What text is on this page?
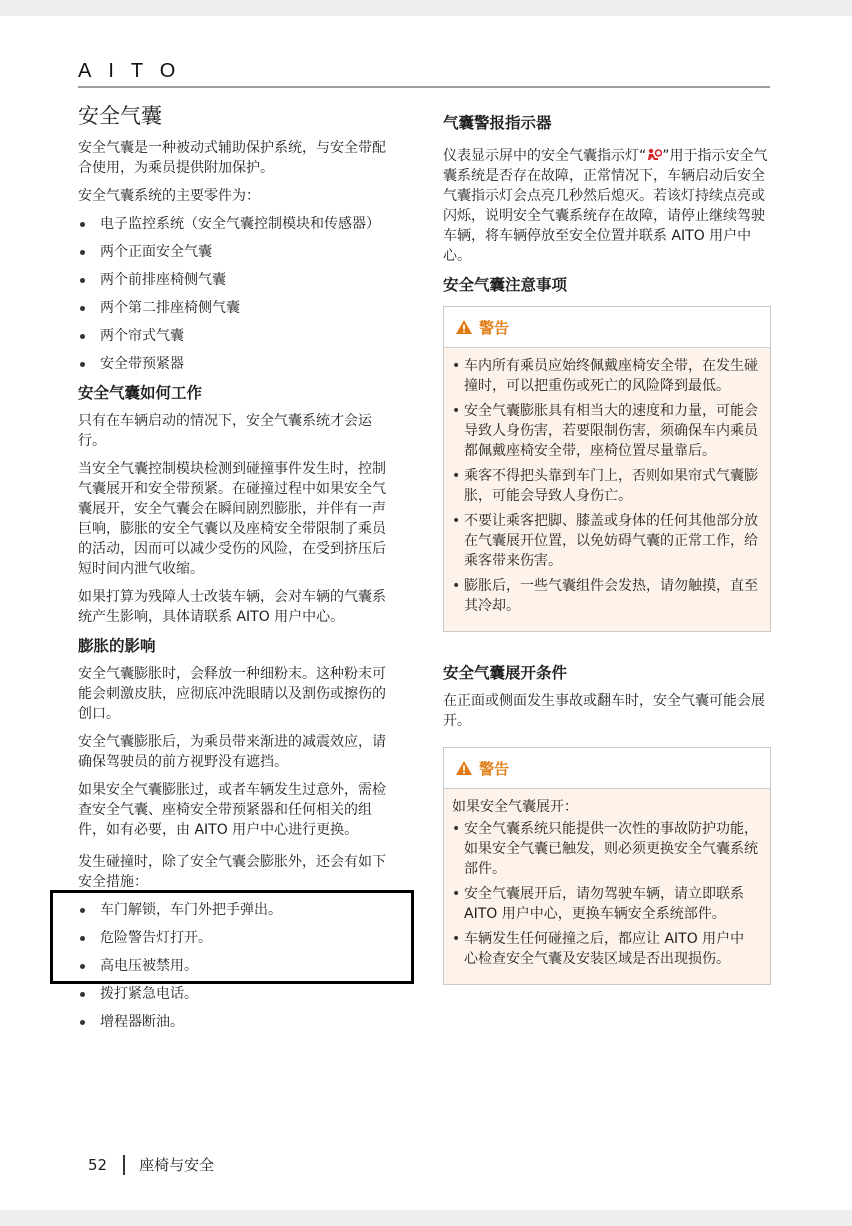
AITO
安全气囊

安全气囊是一种被动式辅助保护系统，与安全带配合使用，为乘员提供附加保护。

安全气囊系统的主要零件为：

电子监控系统（安全气囊控制模块和传感器）
两个正面安全气囊
两个前排座椅侧气囊
两个第二排座椅侧气囊
两个帘式气囊
安全带预紧器
安全气囊如何工作

只有在车辆启动的情况下，安全气囊系统才会运行。

当安全气囊控制模块检测到碰撞事件发生时，控制气囊展开和安全带预紧。在碰撞过程中如果安全气囊展开，安全气囊会在瞬间剧烈膨胀，并伴有一声巨响，膨胀的安全气囊以及座椅安全带限制了乘员的活动，因而可以减少受伤的风险，在受到挤压后短时间内泄气收缩。

如果打算为残障人士改装车辆，会对车辆的气囊系统产生影响，具体请联系 AITO 用户中心。

膨胀的影响

安全气囊膨胀时，会释放一种细粉末。这种粉末可能会刺激皮肤，应彻底冲洗眼睛以及割伤或擦伤的创口。

安全气囊膨胀后，为乘员带来渐进的减震效应，请确保驾驶员的前方视野没有遮挡。

如果安全气囊膨胀过，或者车辆发生过意外，需检查安全气囊、座椅安全带预紧器和任何相关的组件，如有必要，由 AITO 用户中心进行更换。

发生碰撞时，除了安全气囊会膨胀外，还会有如下安全措施：

车门解锁，车门外把手弹出。
危险警告灯打开。
高电压被禁用。
拨打紧急电话。
增程器断油。
气囊警报指示器

仪表显示屏中的安全气囊指示灯“ ”用于指示安全气囊系统是否存在故障，正常情况下，车辆启动后安全气囊指示灯会点亮几秒然后熄灭。若该灯持续点亮或闪烁，说明安全气囊系统存在故障，请停止继续驾驶车辆，将车辆停放至安全位置并联系 AITO 用户中心。

安全气囊注意事项
警告
• 车内所有乘员应始终佩戴座椅安全带，在发生碰撞时，可以把重伤或死亡的风险降到最低。
• 安全气囊膨胀具有相当大的速度和力量，可能会导致人身伤害，若要限制伤害，须确保车内乘员都佩戴座椅安全带，座椅位置尽量靠后。
• 乘客不得把头靠到车门上，否则如果帘式气囊膨胀，可能会导致人身伤亡。
• 不要让乘客把脚、膝盖或身体的任何其他部分放在气囊展开位置，以免妨碍气囊的正常工作，给乘客带来伤害。
• 膨胀后，一些气囊组件会发热，请勿触摸，直至其冷却。
安全气囊展开条件

在正面或侧面发生事故或翻车时，安全气囊可能会展开。

警告

如果安全气囊展开：

• 安全气囊系统只能提供一次性的事故防护功能，如果安全气囊已触发，则必须更换安全气囊系统部件。
• 安全气囊展开后，请勿驾驶车辆，请立即联系 AITO 用户中心，更换车辆安全系统部件。
• 车辆发生任何碰撞之后，都应让 AITO 用户中心检查安全气囊及安装区域是否出现损伤。
52 座椅与安全
